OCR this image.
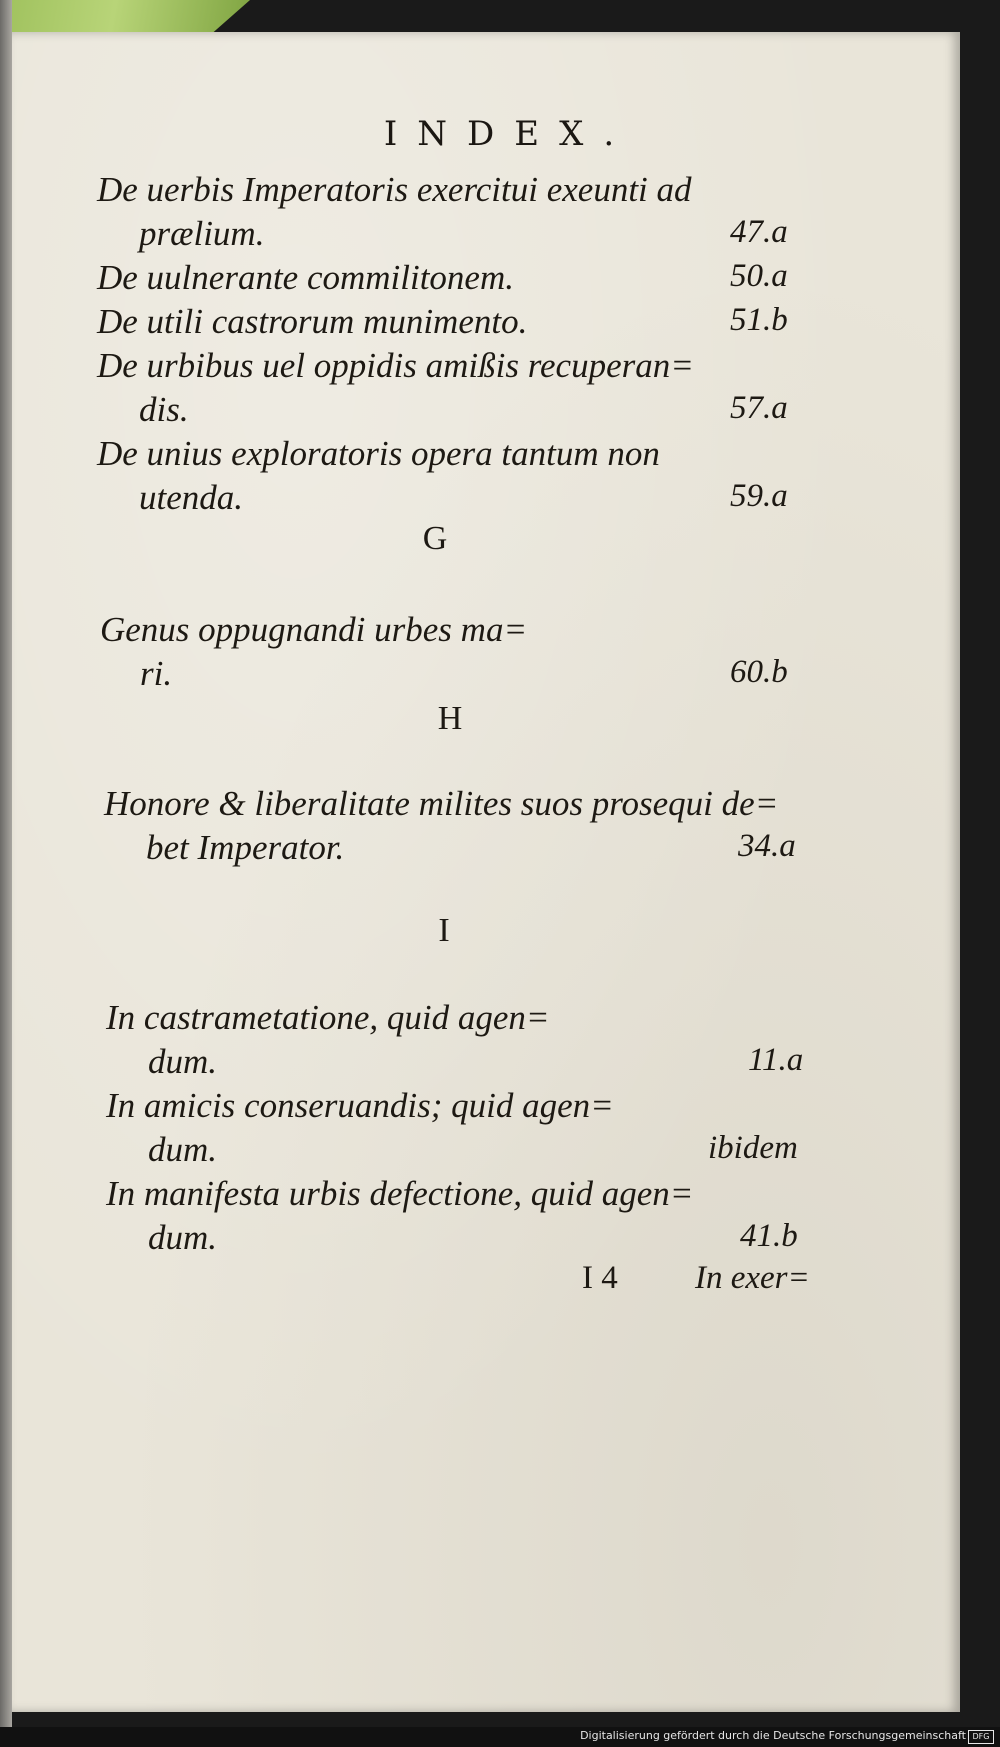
INDEX.
De uerbis Imperatoris exercitui exeunti ad
prælium.	47.a
De uulnerante commilitonem.	50.a
De utili castrorum munimento.	51.b
De urbibus uel oppidis amißis recuperan=
dis.	57.a
De unius exploratoris opera tantum non
utenda.	59.a
G
Genus oppugnandi urbes ma=
ri.	60.b
H
Honore & liberalitate milites suos prosequi de=
bet Imperator.	34.a
I
In castrametatione, quid agen=
dum.	11.a
In amicis conseruandis; quid agen=
dum.	ibidem
In manifesta urbis defectione, quid agen=
dum.	41.b
I 4 In exer=
Digitalisierung gefördert durch die Deutsche Forschungsgemeinschaft DFG
